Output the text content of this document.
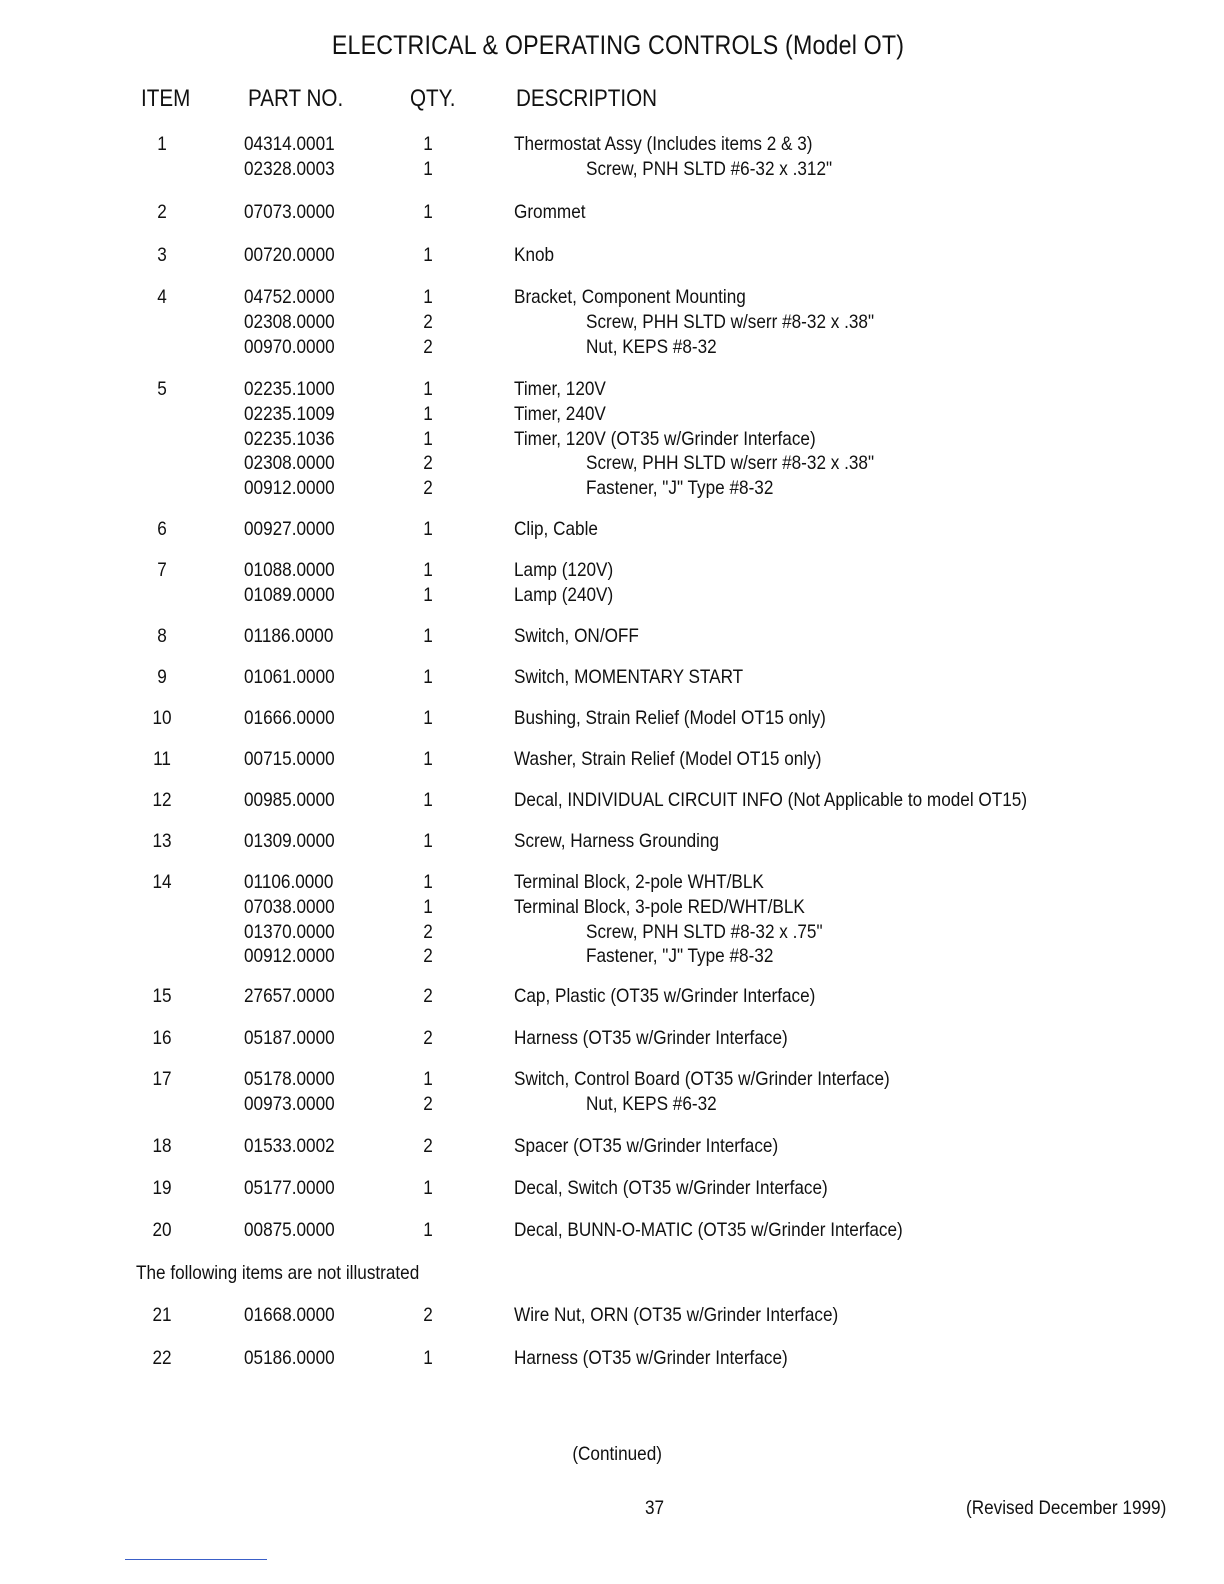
ELECTRICAL & OPERATING CONTROLS (Model OT)
ITEM PART NO.	QTY.	DESCRIPTION
1	04314.0001	1	Thermostat Assy (Includes items 2 & 3)
02328.0003	1	Screw, PNH SLTD #6-32 x .312"
2	07073.0000	1	Grommet
3	00720.0000	1	Knob
4	04752.0000	1	Bracket, Component Mounting
02308.0000	2	Screw, PHH SLTD w/serr #8-32 x .38"
00970.0000	2	Nut, KEPS #8-32
5	02235.1000	1	Timer, 120V
02235.1009	1	Timer, 240V
02235.1036	1	Timer, 120V (OT35 w/Grinder Interface)
02308.0000	2	Screw, PHH SLTD w/serr #8-32 x .38"
00912.0000	2	Fastener, "J" Type #8-32
6	00927.0000	1	Clip, Cable
7	01088.0000	1	Lamp (120V)
01089.0000	1	Lamp (240V)
8	01186.0000	1	Switch, ON/OFF
9	01061.0000	1	Switch, MOMENTARY START
10	01666.0000	1	Bushing, Strain Relief (Model OT15 only)
11	00715.0000	1	Washer, Strain Relief (Model OT15 only)
12	00985.0000	1	Decal, INDIVIDUAL CIRCUIT INFO (Not Applicable to model OT15)
13	01309.0000	1	Screw, Harness Grounding
14	01106.0000	1	Terminal Block, 2-pole WHT/BLK
07038.0000	1	Terminal Block, 3-pole RED/WHT/BLK
01370.0000	2	Screw, PNH SLTD #8-32 x .75"
00912.0000	2	Fastener, "J" Type #8-32
15	27657.0000	2	Cap, Plastic (OT35 w/Grinder Interface)
16	05187.0000	2	Harness (OT35 w/Grinder Interface)
17	05178.0000	1	Switch, Control Board (OT35 w/Grinder Interface)
00973.0000	2	Nut, KEPS #6-32
18	01533.0002	2	Spacer (OT35 w/Grinder Interface)
19	05177.0000	1	Decal, Switch (OT35 w/Grinder Interface)
20	00875.0000	1	Decal, BUNN-O-MATIC (OT35 w/Grinder Interface)
21	01668.0000	2	Wire Nut, ORN (OT35 w/Grinder Interface)
22	05186.0000	1	Harness (OT35 w/Grinder Interface)
The following items are not illustrated
(Continued)
37	(Revised December 1999)
